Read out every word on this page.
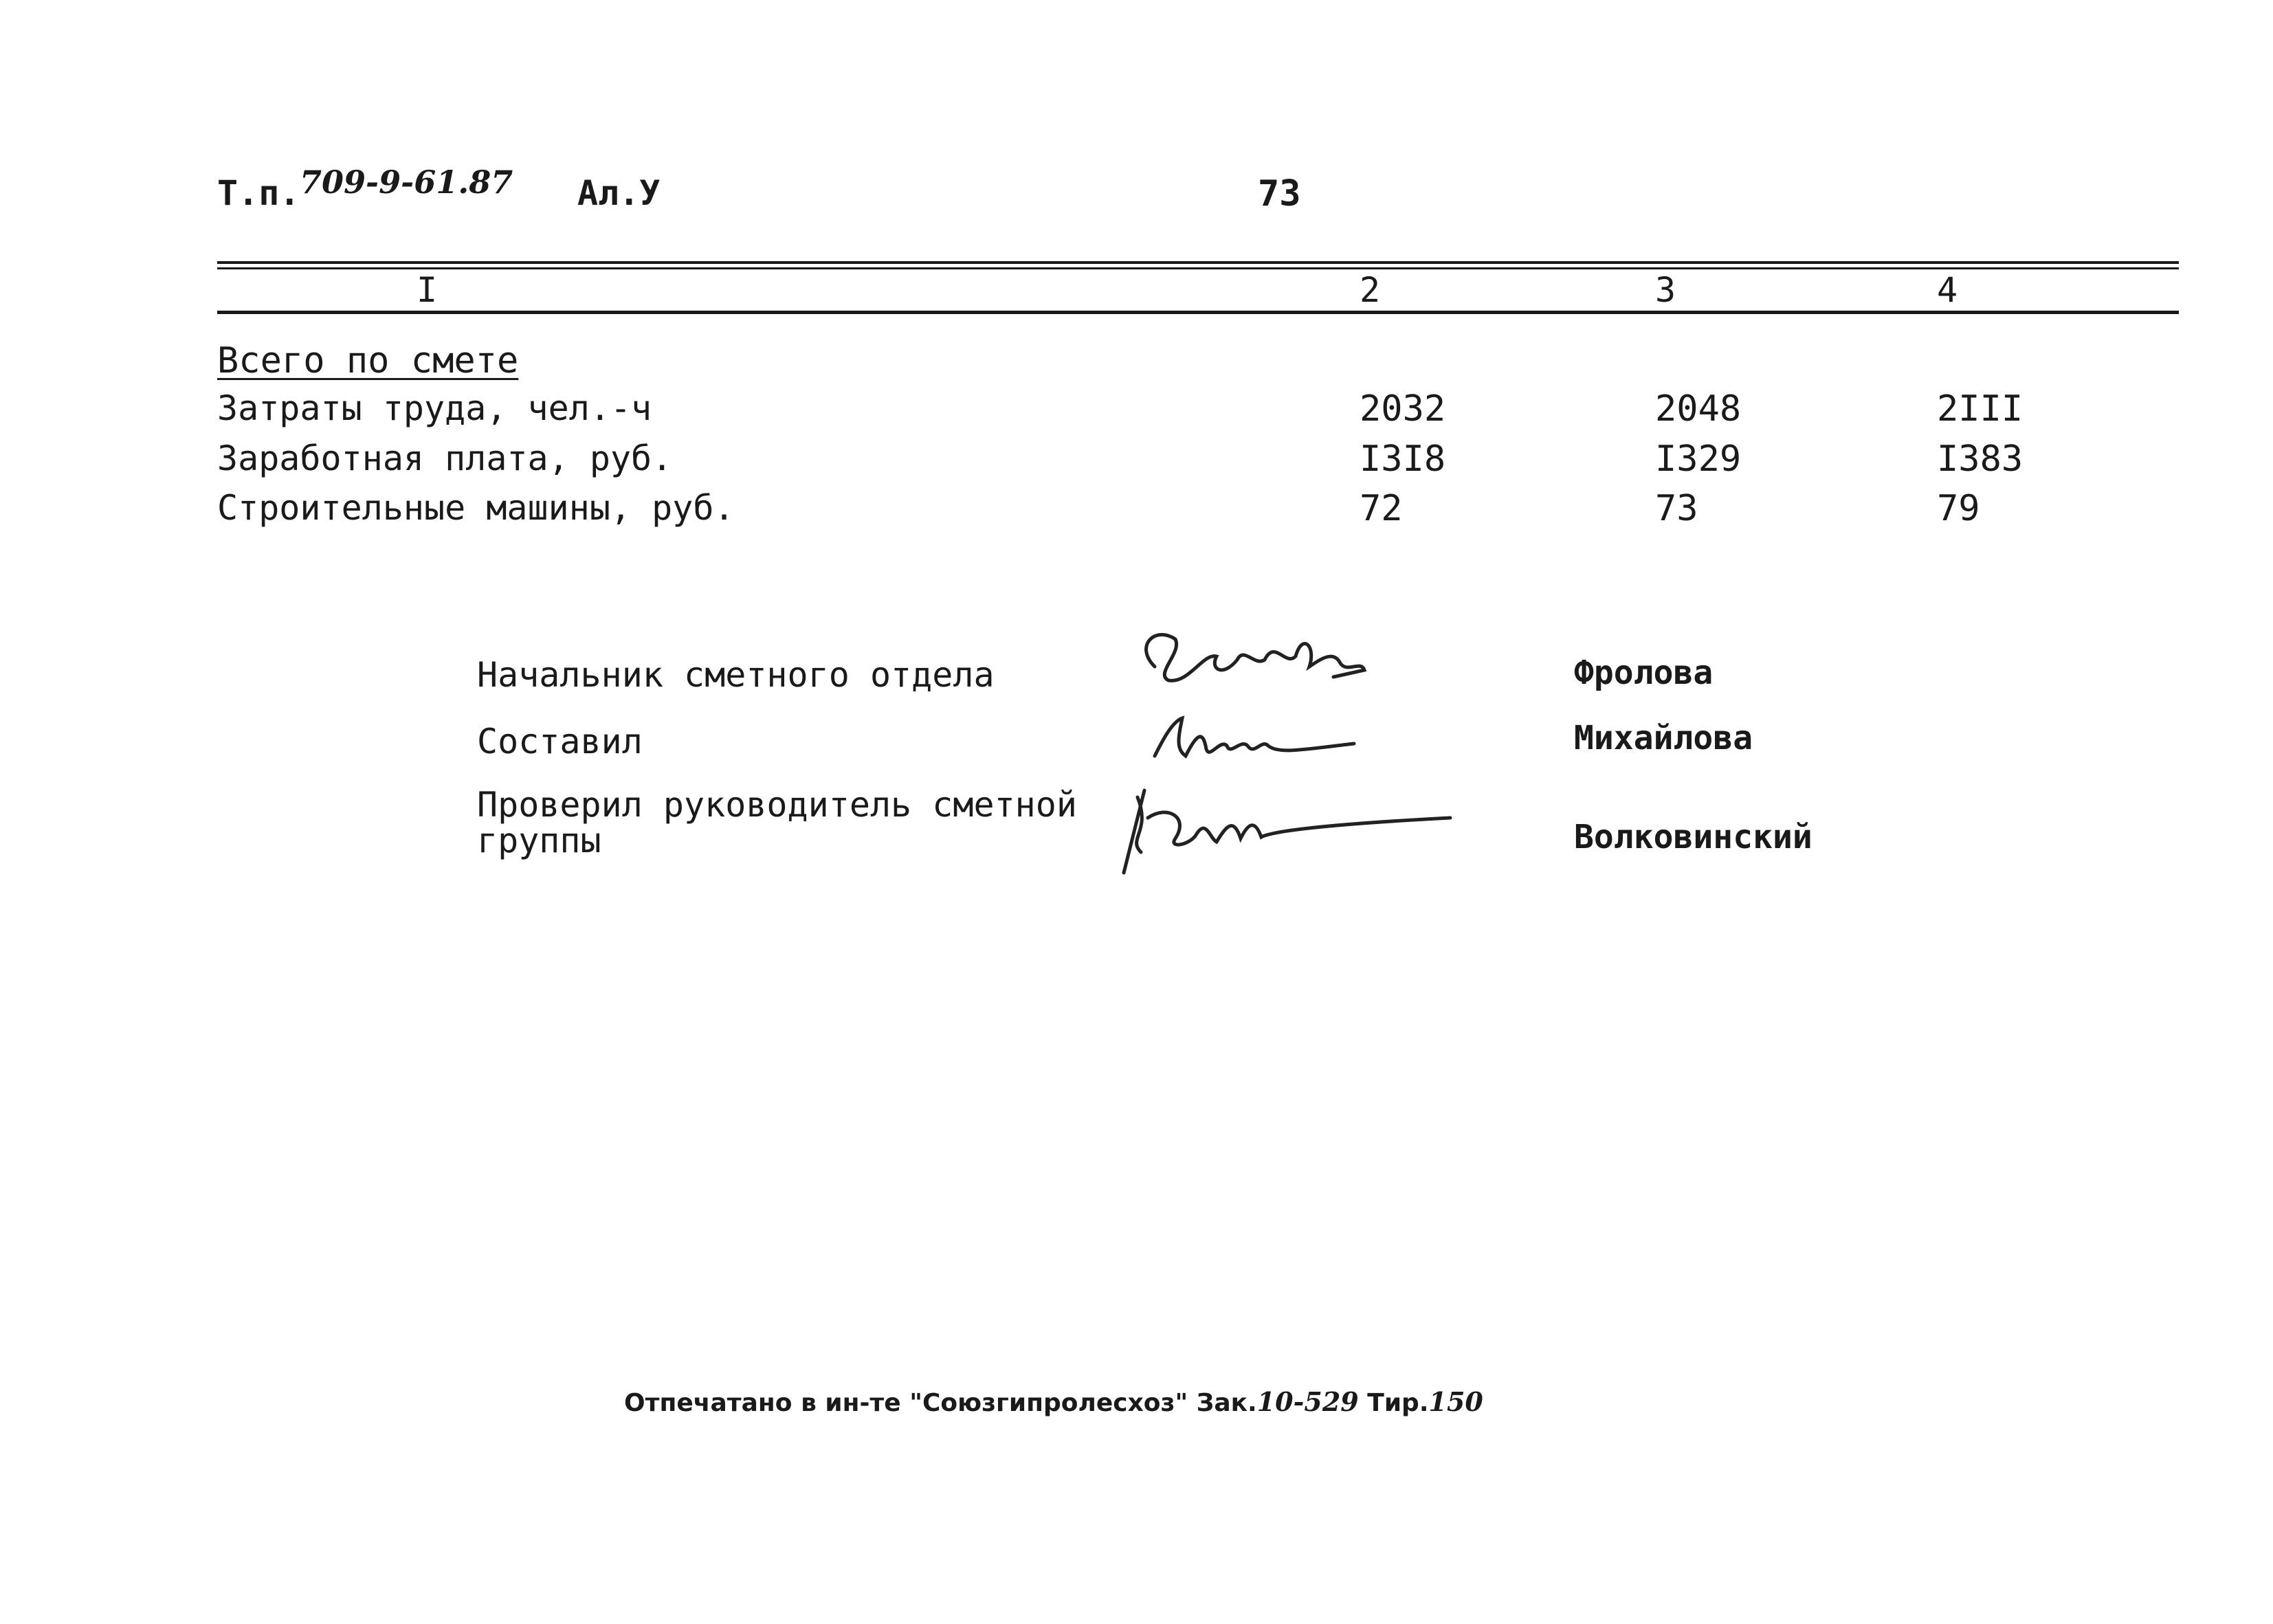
Т.п. 709-9-61.87 Ал.У	73
I	2	3	4
Всего по смете
Затраты труда, чел.-ч	2032	2048	2III
Заработная плата, руб.	I3I8	I329	I383
Строительные машины, руб.	72	73	79
Начальник сметного отдела	Фролова
Составил	Михайлова
Проверил руководитель сметной группы	Волковинский
Отпечатано в ин-те "Союзгипролесхоз" Зак.10-529 Тир.150
